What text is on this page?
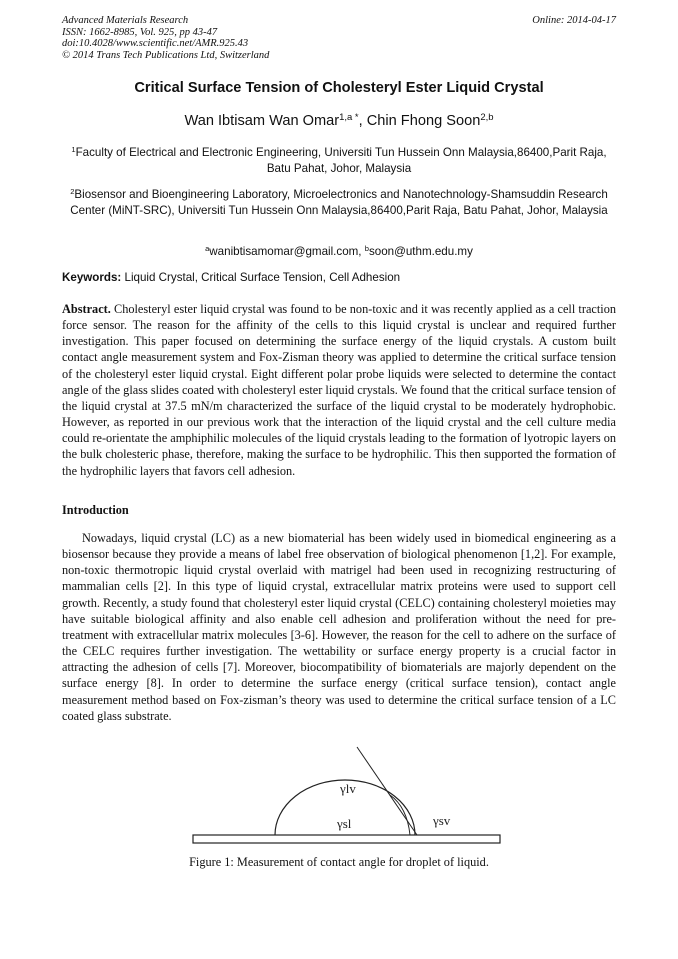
Advanced Materials Research
ISSN: 1662-8985, Vol. 925, pp 43-47
doi:10.4028/www.scientific.net/AMR.925.43
© 2014 Trans Tech Publications Ltd, Switzerland
Online: 2014-04-17
Critical Surface Tension of Cholesteryl Ester Liquid Crystal
Wan Ibtisam Wan Omar$^{1,a *}$, Chin Fhong Soon$^{2,b}$
$^1$Faculty of Electrical and Electronic Engineering, Universiti Tun Hussein Onn Malaysia,86400,Parit Raja, Batu Pahat, Johor, Malaysia
$^2$Biosensor and Bioengineering Laboratory, Microelectronics and Nanotechnology-Shamsuddin Research Center (MiNT-SRC), Universiti Tun Hussein Onn Malaysia,86400,Parit Raja, Batu Pahat, Johor, Malaysia
$^a$wanibtisamomar@gmail.com, $^b$soon@uthm.edu.my
Keywords: Liquid Crystal, Critical Surface Tension, Cell Adhesion
Abstract. Cholesteryl ester liquid crystal was found to be non-toxic and it was recently applied as a cell traction force sensor. The reason for the affinity of the cells to this liquid crystal is unclear and required further investigation. This paper focused on determining the surface energy of the liquid crystals. A custom built contact angle measurement system and Fox-Zisman theory was applied to determine the critical surface tension of the cholesteryl ester liquid crystal. Eight different polar probe liquids were selected to determine the contact angle of the glass slides coated with cholesteryl ester liquid crystals. We found that the critical surface tension of the liquid crystal at 37.5 mN/m characterized the surface of the liquid crystal to be moderately hydrophobic. However, as reported in our previous work that the interaction of the liquid crystal and the cell culture media could re-orientate the amphiphilic molecules of the liquid crystals leading to the formation of lyotropic layers on the bulk cholesteric phase, therefore, making the surface to be hydrophilic. This then supported the formation of the hydrophilic layers that favors cell adhesion.
Introduction
Nowadays, liquid crystal (LC) as a new biomaterial has been widely used in biomedical engineering as a biosensor because they provide a means of label free observation of biological phenomenon [1,2]. For example, non-toxic thermotropic liquid crystal overlaid with matrigel had been used in recognizing restructuring of mammalian cells [2]. In this type of liquid crystal, extracellular matrix proteins were used to support cell growth. Recently, a study found that cholesteryl ester liquid crystal (CELC) containing cholesteryl moieties may have suitable biological affinity and also enable cell adhesion and proliferation without the need for pre-treatment with extracellular matrix molecules [3-6]. However, the reason for the cell to adhere on the surface of the CELC requires further investigation. The wettability or surface energy property is a crucial factor in attracting the adhesion of cells [7]. Moreover, biocompatibility of biomaterials are majorly dependent on the surface energy [8]. In order to determine the surface energy (critical surface tension), contact angle measurement method based on Fox-zisman’s theory was used to determine the critical surface tension of a LC coated glass substrate.
γlv
γsl	γsv
Figure 1: Measurement of contact angle for droplet of liquid.
